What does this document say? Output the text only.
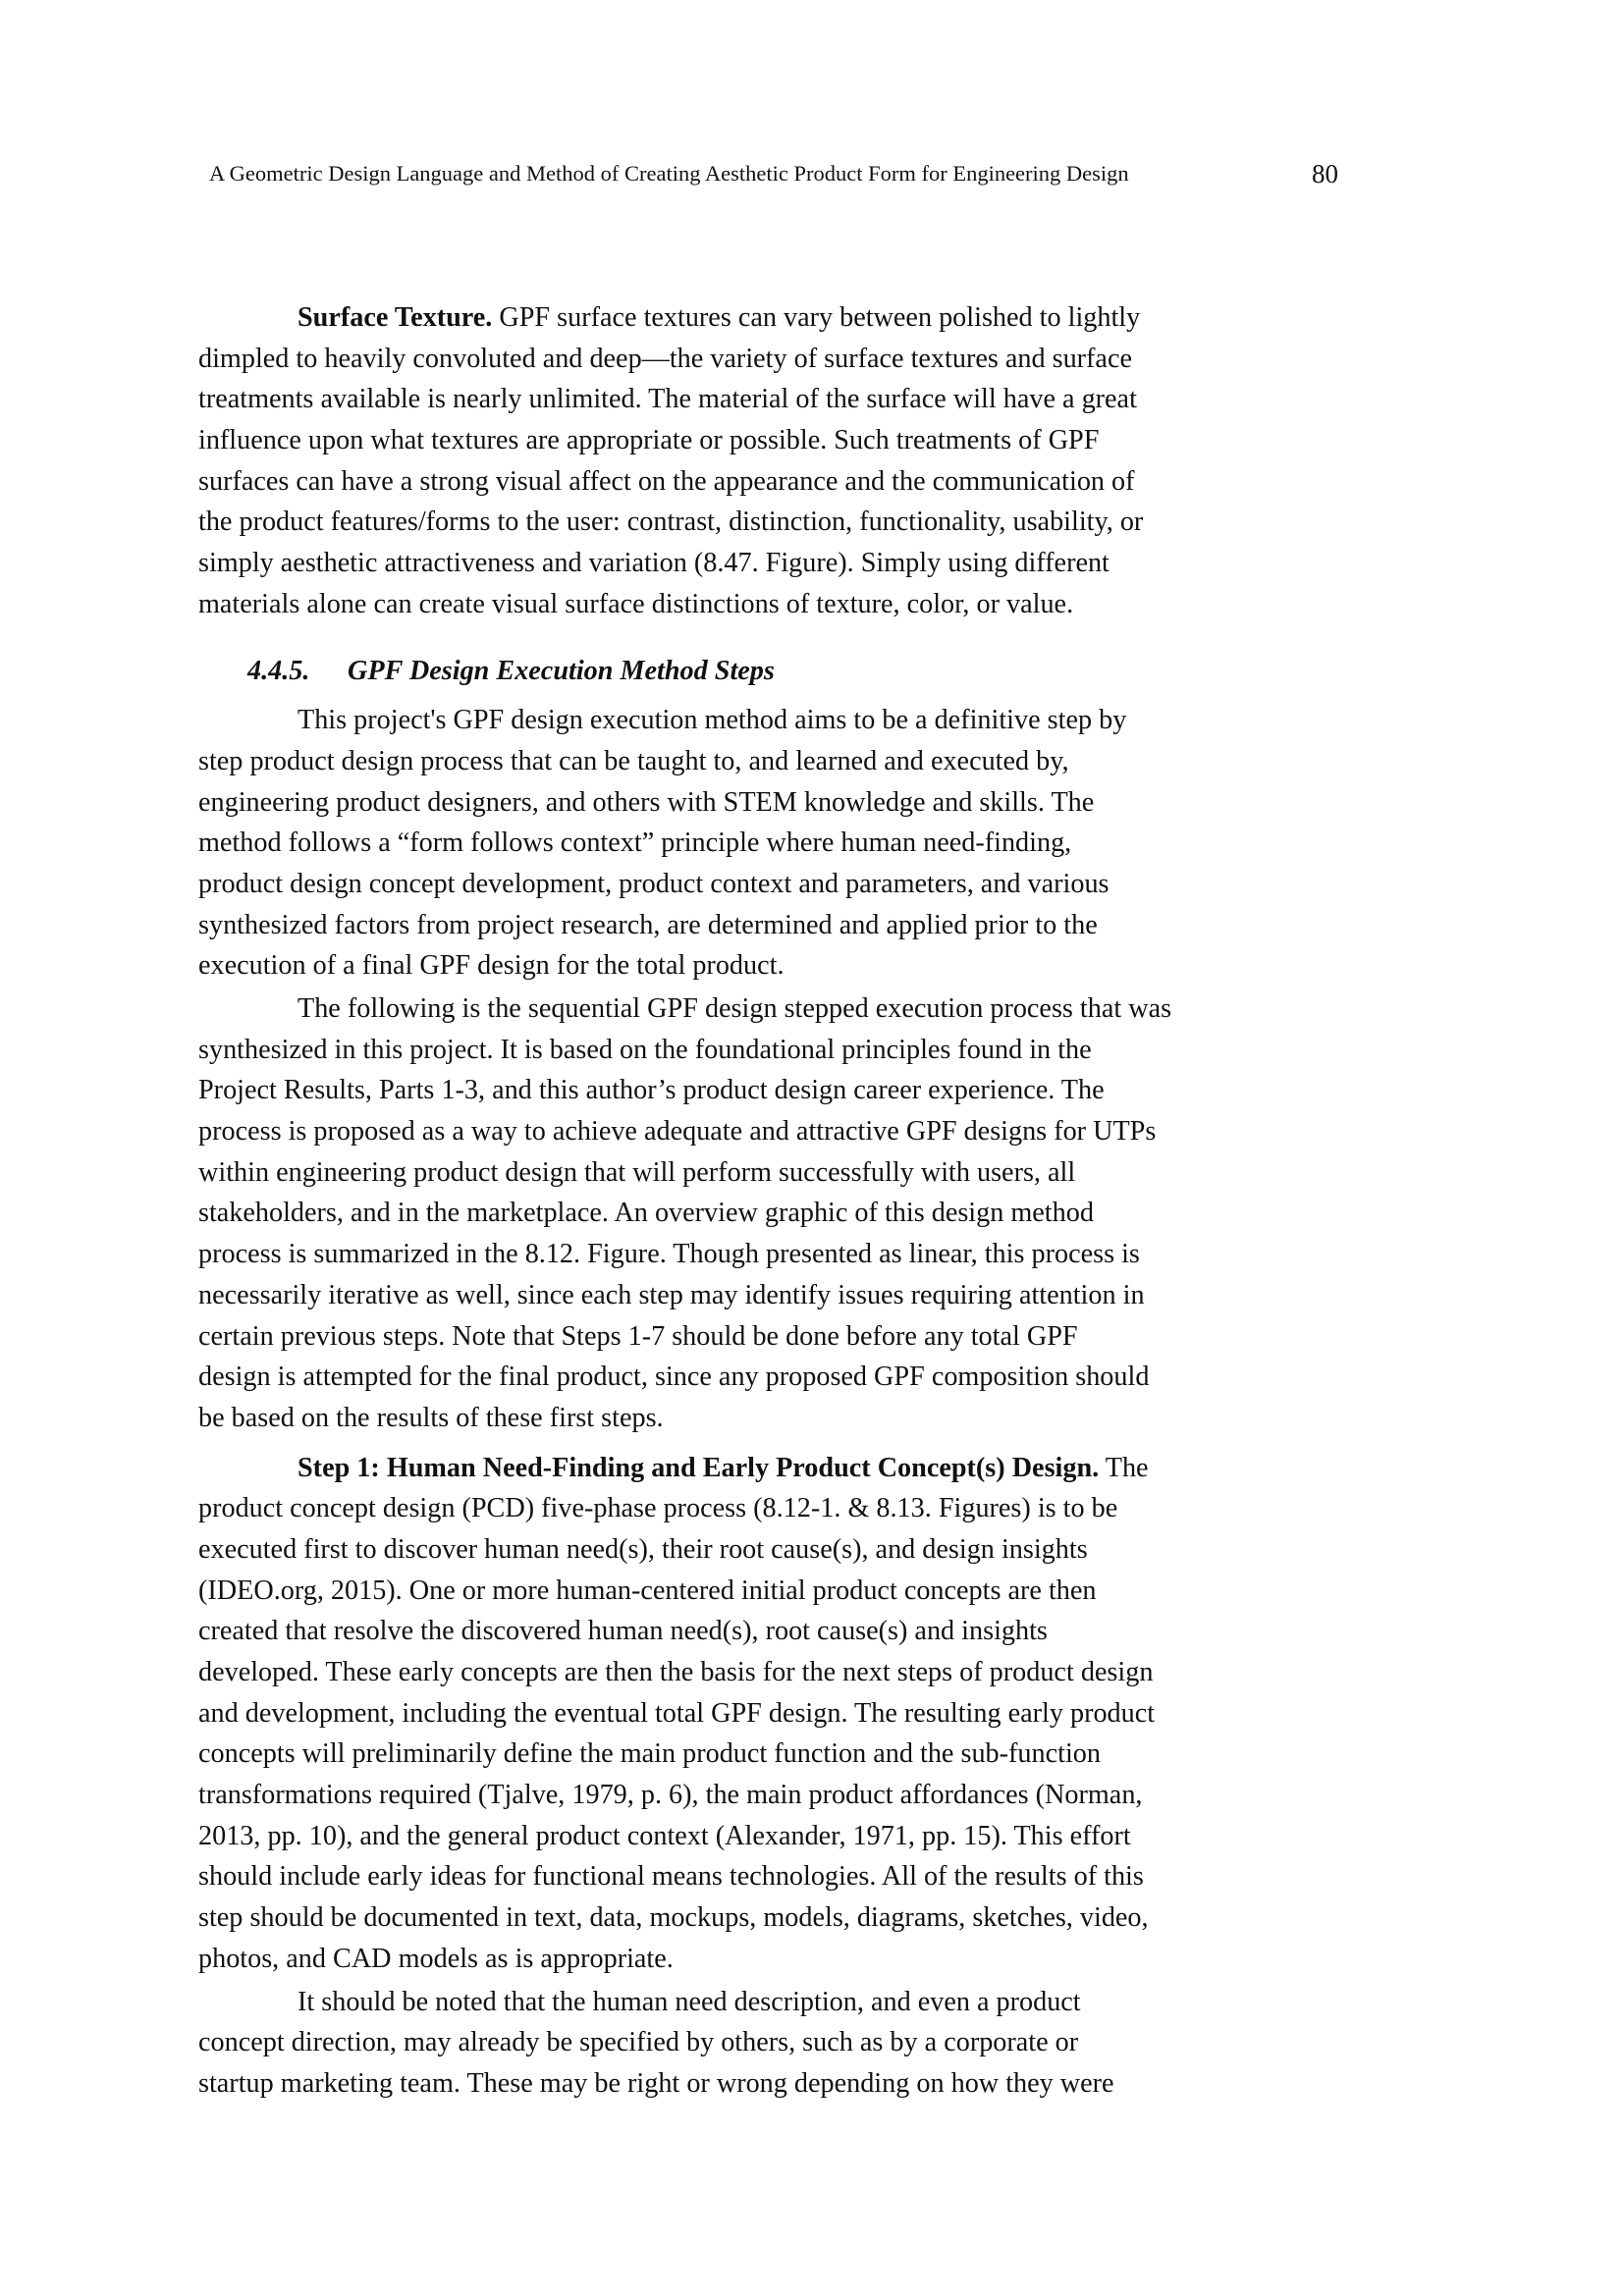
A Geometric Design Language and Method of Creating Aesthetic Product Form for Engineering Design	80
Surface Texture. GPF surface textures can vary between polished to lightly
dimpled to heavily convoluted and deep—the variety of surface textures and surface
treatments available is nearly unlimited. The material of the surface will have a great
influence upon what textures are appropriate or possible. Such treatments of GPF
surfaces can have a strong visual affect on the appearance and the communication of
the product features/forms to the user: contrast, distinction, functionality, usability, or
simply aesthetic attractiveness and variation (8.47. Figure). Simply using different
materials alone can create visual surface distinctions of texture, color, or value.
4.4.5. GPF Design Execution Method Steps
This project's GPF design execution method aims to be a definitive step by
step product design process that can be taught to, and learned and executed by,
engineering product designers, and others with STEM knowledge and skills. The
method follows a “form follows context” principle where human need-finding,
product design concept development, product context and parameters, and various
synthesized factors from project research, are determined and applied prior to the
execution of a final GPF design for the total product.
The following is the sequential GPF design stepped execution process that was
synthesized in this project. It is based on the foundational principles found in the
Project Results, Parts 1-3, and this author’s product design career experience. The
process is proposed as a way to achieve adequate and attractive GPF designs for UTPs
within engineering product design that will perform successfully with users, all
stakeholders, and in the marketplace. An overview graphic of this design method
process is summarized in the 8.12. Figure. Though presented as linear, this process is
necessarily iterative as well, since each step may identify issues requiring attention in
certain previous steps. Note that Steps 1-7 should be done before any total GPF
design is attempted for the final product, since any proposed GPF composition should
be based on the results of these first steps.
Step 1: Human Need-Finding and Early Product Concept(s) Design. The
product concept design (PCD) five-phase process (8.12-1. & 8.13. Figures) is to be
executed first to discover human need(s), their root cause(s), and design insights
(IDEO.org, 2015). One or more human-centered initial product concepts are then
created that resolve the discovered human need(s), root cause(s) and insights
developed. These early concepts are then the basis for the next steps of product design
and development, including the eventual total GPF design. The resulting early product
concepts will preliminarily define the main product function and the sub-function
transformations required (Tjalve, 1979, p. 6), the main product affordances (Norman,
2013, pp. 10), and the general product context (Alexander, 1971, pp. 15). This effort
should include early ideas for functional means technologies. All of the results of this
step should be documented in text, data, mockups, models, diagrams, sketches, video,
photos, and CAD models as is appropriate.
It should be noted that the human need description, and even a product
concept direction, may already be specified by others, such as by a corporate or
startup marketing team. These may be right or wrong depending on how they were
